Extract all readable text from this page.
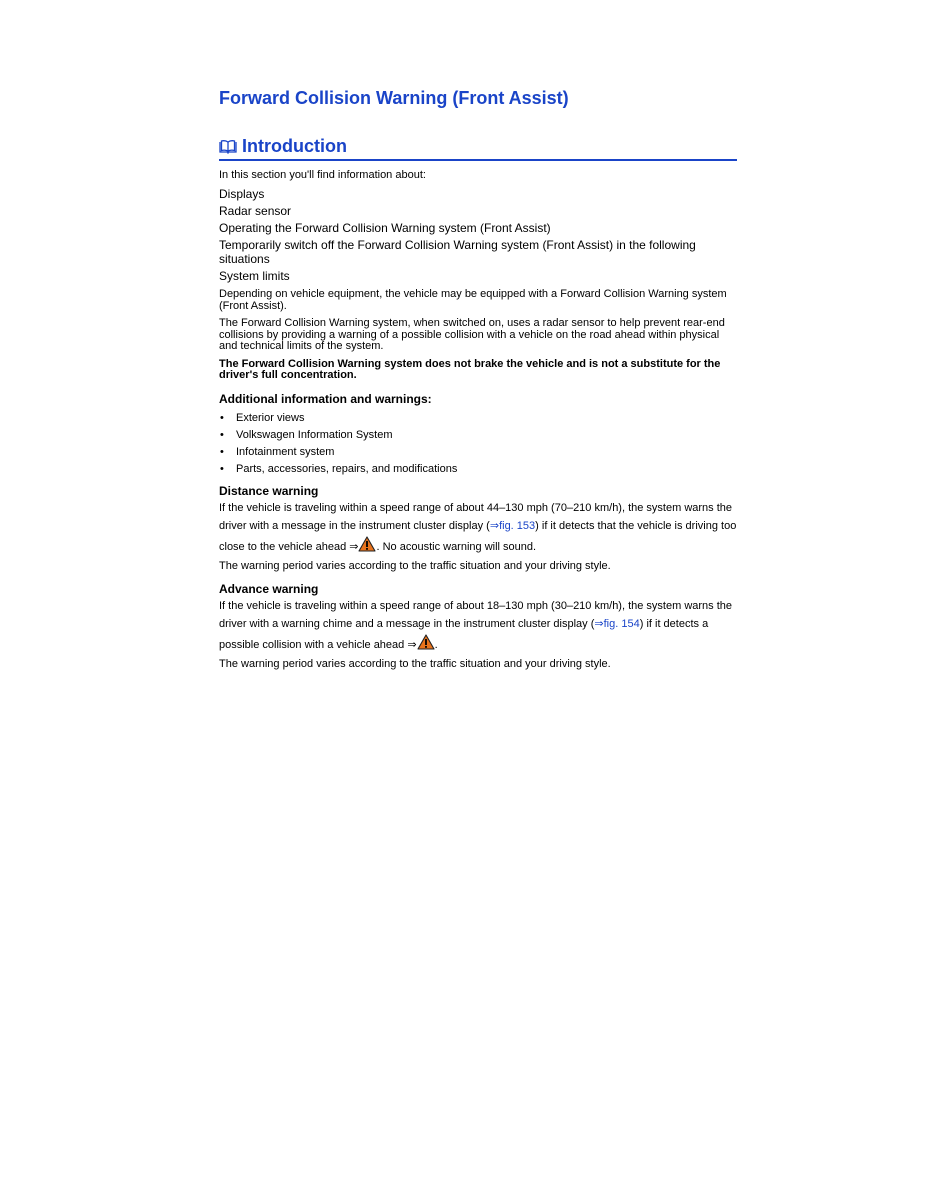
Forward Collision Warning (Front Assist)
Introduction

In this section you'll find information about:

Displays
Radar sensor
Operating the Forward Collision Warning system (Front Assist)
Temporarily switch off the Forward Collision Warning system (Front Assist) in the following situations
System limits

Depending on vehicle equipment, the vehicle may be equipped with a Forward Collision Warning system (Front Assist).

The Forward Collision Warning system, when switched on, uses a radar sensor to help prevent rear-end collisions by providing a warning of a possible collision with a vehicle on the road ahead within physical and technical limits of the system.

The Forward Collision Warning system does not brake the vehicle and is not a substitute for the driver's full concentration.

Additional information and warnings:
• Exterior views
• Volkswagen Information System
• Infotainment system
• Parts, accessories, repairs, and modifications
Distance warning

If the vehicle is traveling within a speed range of about 44–130 mph (70–210 km/h), the system warns the driver with a message in the instrument cluster display (⇒fig. 153) if it detects that the vehicle is driving too close to the vehicle ahead ⇒ . No acoustic warning will sound.

The warning period varies according to the traffic situation and your driving style.

Advance warning

If the vehicle is traveling within a speed range of about 18–130 mph (30–210 km/h), the system warns the driver with a warning chime and a message in the instrument cluster display (⇒fig. 154) if it detects a possible collision with a vehicle ahead ⇒ .

The warning period varies according to the traffic situation and your driving style.
